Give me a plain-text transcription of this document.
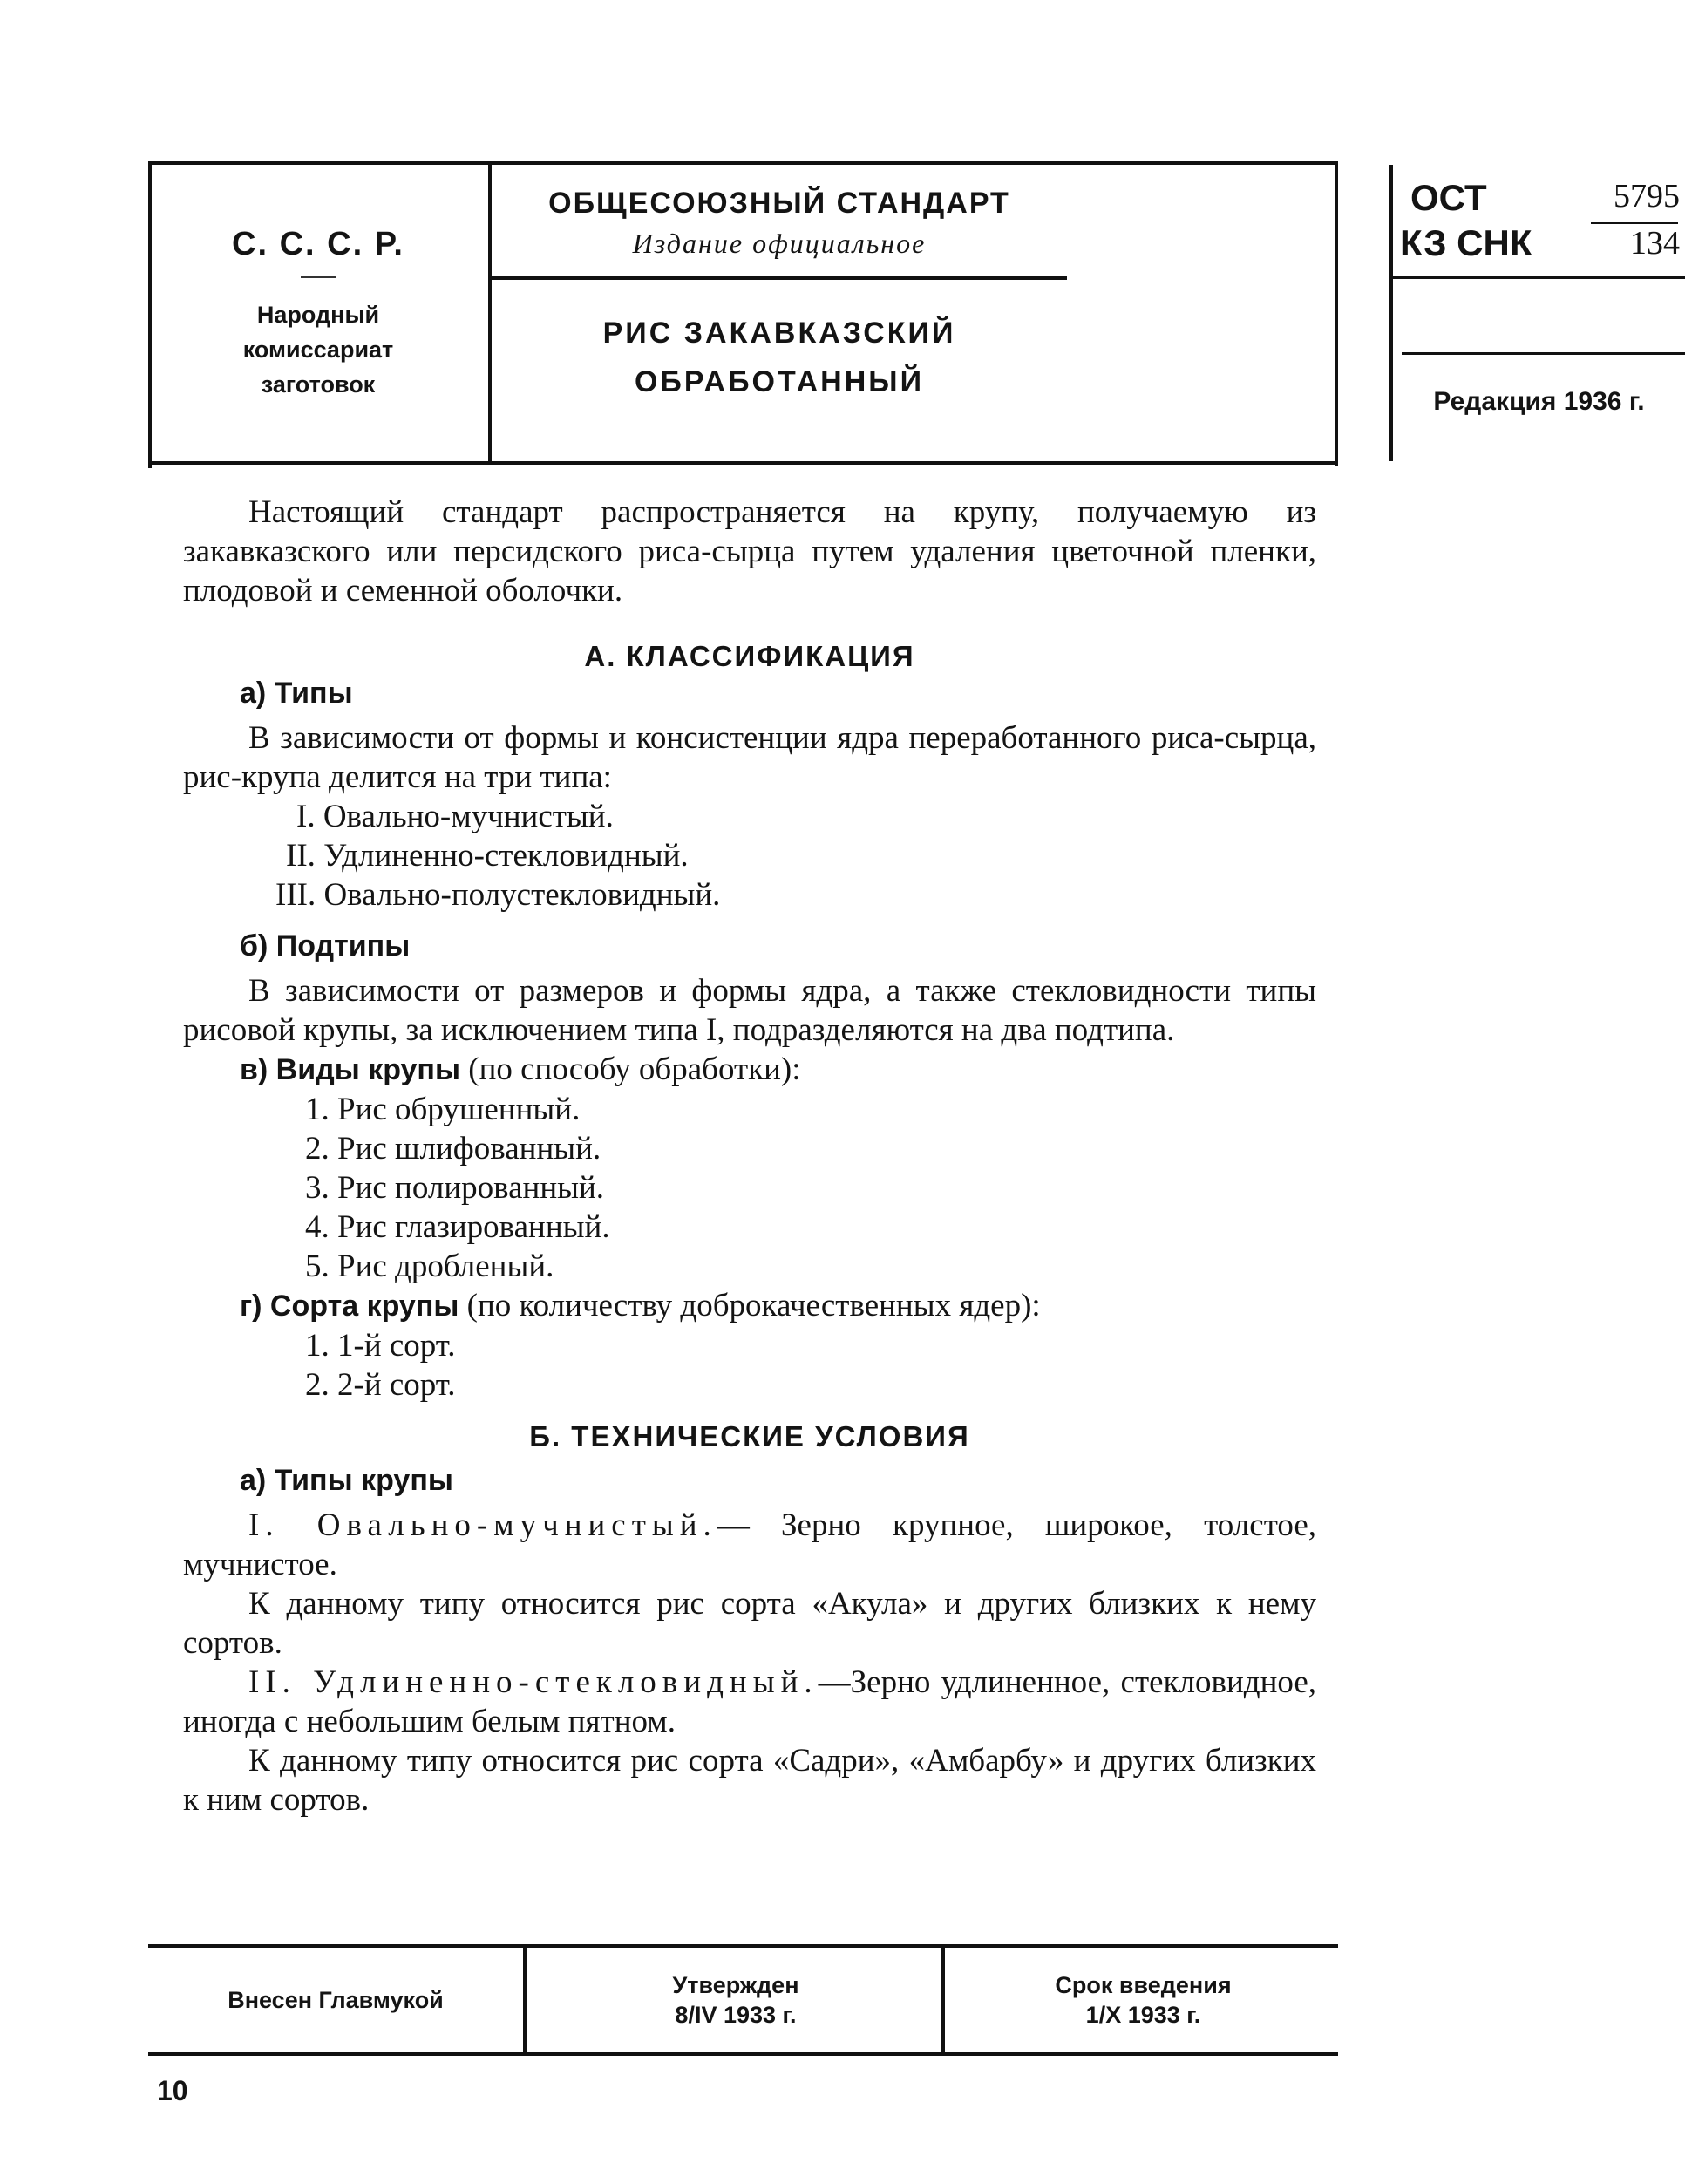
С. С. С. Р.
Народный
комиссариат
заготовок
ОБЩЕСОЮЗНЫЙ СТАНДАРТ
Издание официальное
РИС ЗАКАВКАЗСКИЙ
ОБРАБОТАННЫЙ
ОСТ	5795
КЗ СНК	134
Редакция 1936 г.

Настоящий стандарт распространяется на крупу, получаемую из закавказского или персидского риса-сырца путем удаления цветочной пленки, плодовой и семенной оболочки.

А. КЛАССИФИКАЦИЯ
а) Типы

В зависимости от формы и консистенции ядра переработанного риса-сырца, рис-крупа делится на три типа:

I. Овально-мучнистый.
II. Удлиненно-стекловидный.
III. Овально-полустекловидный.
б) Подтипы

В зависимости от размеров и формы ядра, а также стекловидности типы рисовой крупы, за исключением типа I, подразделяются на два подтипа.

в) Виды крупы (по способу обработки):

1. Рис обрушенный.
2. Рис шлифованный.
3. Рис полированный.
4. Рис глазированный.
5. Рис дробленый.

г) Сорта крупы (по количеству доброкачественных ядер):

1. 1-й сорт.
2. 2-й сорт.
Б. ТЕХНИЧЕСКИЕ УСЛОВИЯ
а) Типы крупы

I. Овально-мучнистый.— Зерно крупное, широкое, толстое, мучнистое.

К данному типу относится рис сорта «Акула» и других близких к нему сортов.

II. Удлиненно-стекловидный.—Зерно удлиненное, стекловидное, иногда с небольшим белым пятном.

К данному типу относится рис сорта «Садри», «Амбарбу» и других близких к ним сортов.

Внесен Главмукой
Утвержден
8/IV 1933 г.
Срок введения
1/X 1933 г.
10
